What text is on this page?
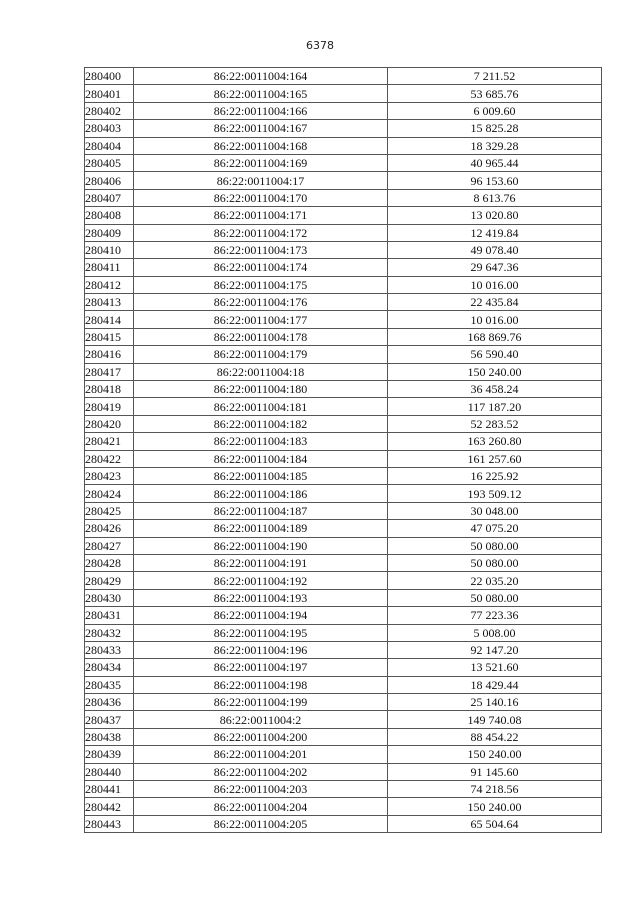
6378
280400	86:22:0011004:164	7 211.52
280401	86:22:0011004:165	53 685.76
280402	86:22:0011004:166	6 009.60
280403	86:22:0011004:167	15 825.28
280404	86:22:0011004:168	18 329.28
280405	86:22:0011004:169	40 965.44
280406	86:22:0011004:17	96 153.60
280407	86:22:0011004:170	8 613.76
280408	86:22:0011004:171	13 020.80
280409	86:22:0011004:172	12 419.84
280410	86:22:0011004:173	49 078.40
280411	86:22:0011004:174	29 647.36
280412	86:22:0011004:175	10 016.00
280413	86:22:0011004:176	22 435.84
280414	86:22:0011004:177	10 016.00
280415	86:22:0011004:178	168 869.76
280416	86:22:0011004:179	56 590.40
280417	86:22:0011004:18	150 240.00
280418	86:22:0011004:180	36 458.24
280419	86:22:0011004:181	117 187.20
280420	86:22:0011004:182	52 283.52
280421	86:22:0011004:183	163 260.80
280422	86:22:0011004:184	161 257.60
280423	86:22:0011004:185	16 225.92
280424	86:22:0011004:186	193 509.12
280425	86:22:0011004:187	30 048.00
280426	86:22:0011004:189	47 075.20
280427	86:22:0011004:190	50 080.00
280428	86:22:0011004:191	50 080.00
280429	86:22:0011004:192	22 035.20
280430	86:22:0011004:193	50 080.00
280431	86:22:0011004:194	77 223.36
280432	86:22:0011004:195	5 008.00
280433	86:22:0011004:196	92 147.20
280434	86:22:0011004:197	13 521.60
280435	86:22:0011004:198	18 429.44
280436	86:22:0011004:199	25 140.16
280437	86:22:0011004:2	149 740.08
280438	86:22:0011004:200	88 454.22
280439	86:22:0011004:201	150 240.00
280440	86:22:0011004:202	91 145.60
280441	86:22:0011004:203	74 218.56
280442	86:22:0011004:204	150 240.00
280443	86:22:0011004:205	65 504.64
